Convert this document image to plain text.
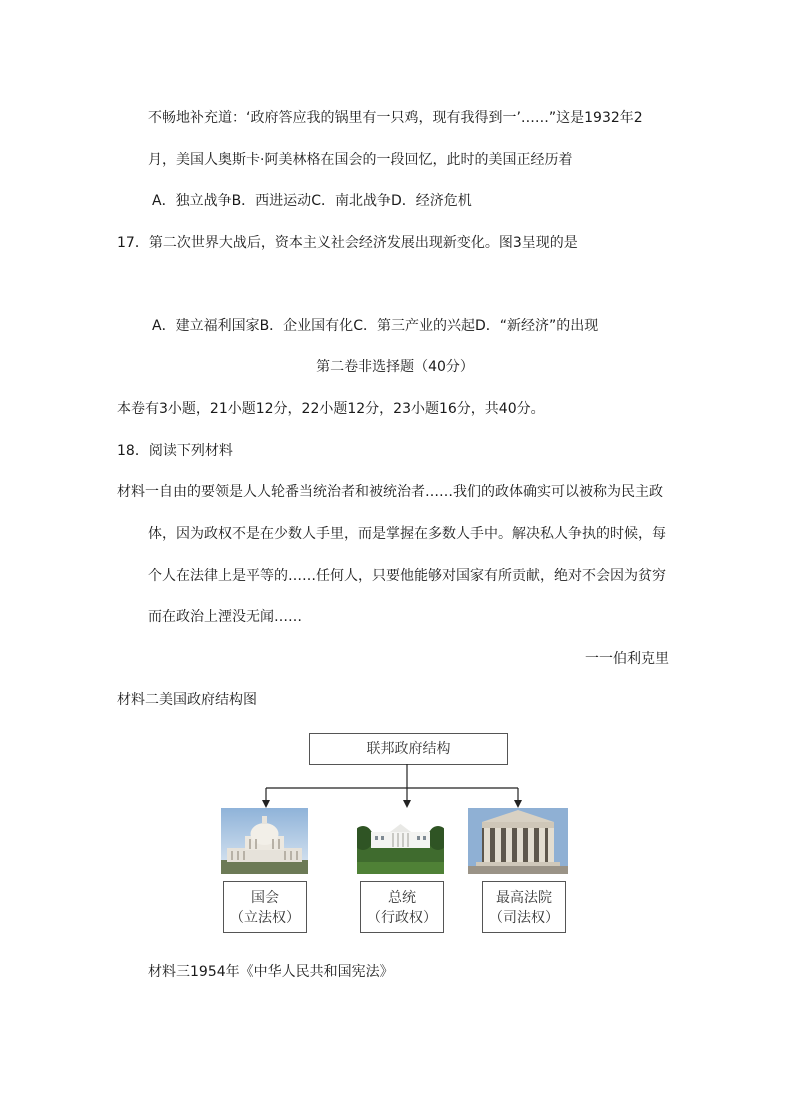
不畅地补充道：‘政府答应我的锅里有一只鸡，现有我得到一’……”这是1932年2
月，美国人奥斯卡·阿美林格在国会的一段回忆，此时的美国正经历着
A．独立战争B．西进运动C．南北战争D．经济危机
17．第二次世界大战后，资本主义社会经济发展出现新变化。图3呈现的是
A．建立福利国家B．企业国有化C．第三产业的兴起D．“新经济”的出现
第二卷非选择题（40分）
本卷有3小题，21小题12分，22小题12分，23小题16分，共40分。
18．阅读下列材料
材料一自由的要领是人人轮番当统治者和被统治者……我们的政体确实可以被称为民主政
体，因为政权不是在少数人手里，而是掌握在多数人手中。解决私人争执的时候，每
个人在法律上是平等的……任何人，只要他能够对国家有所贡献，绝对不会因为贫穷
而在政治上湮没无闻……
一一伯利克里
材料二美国政府结构图
联邦政府结构
国会
（立法权）
总统
（行政权）
最高法院
（司法权）
材料三1954年《中华人民共和国宪法》
